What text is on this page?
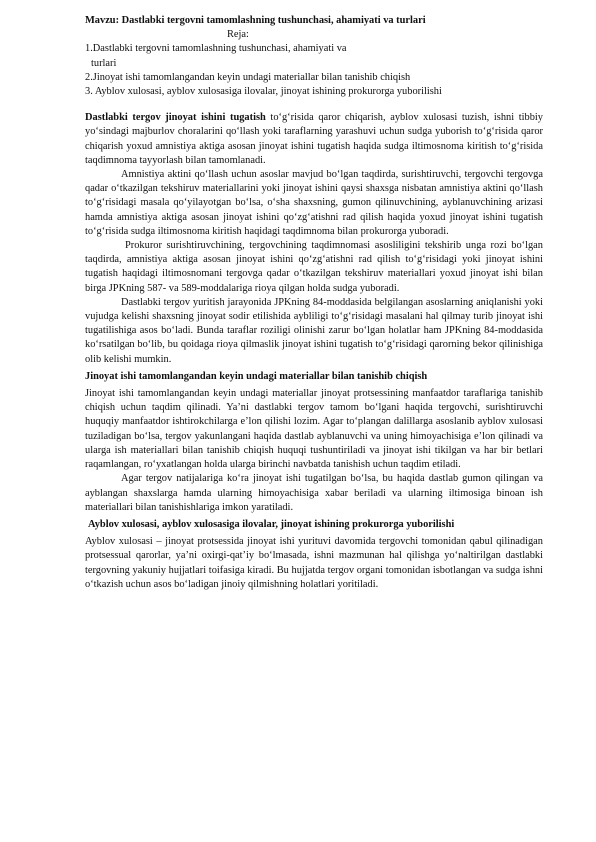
Mavzu: Dastlabki tergovni tamomlashning tushunchasi, ahamiyati va turlari

Reja:

1.Dastlabki tergovni tamomlashning tushunchasi, ahamiyati va

turlari

2.Jinoyat ishi tamomlangandan keyin undagi materiallar bilan tanishib chiqish

3. Ayblov xulosasi, ayblov xulosasiga ilovalar, jinoyat ishining prokurorga yuborilishi

Dastlabki tergov jinoyat ishini tugatish to‘g‘risida qaror chiqarish, ayblov xulosasi tuzish, ishni tibbiy yo‘sindagi majburlov choralarini qo‘llash yoki taraflarning yarashuvi uchun sudga yuborish to‘g‘risida qaror chiqarish yoxud amnistiya aktiga asosan jinoyat ishini tugatish haqida sudga iltimosnoma kiritish to‘g‘risida taqdimnoma tayyorlash bilan tamomlanadi.

Amnistiya aktini qo‘llash uchun asoslar mavjud bo‘lgan taqdirda, surishtiruvchi, tergovchi tergovga qadar o‘tkazilgan tekshiruv materiallarini yoki jinoyat ishini qaysi shaxsga nisbatan amnistiya aktini qo‘llash to‘g‘risidagi masala qo‘yilayotgan bo‘lsa, o‘sha shaxsning, gumon qilinuvchining, ayblanuvchining arizasi hamda amnistiya aktiga asosan jinoyat ishini qo‘zg‘atishni rad qilish haqida yoxud jinoyat ishini tugatish to‘g‘risida sudga iltimosnoma kiritish haqidagi taqdimnoma bilan prokurorga yuboradi.

Prokuror surishtiruvchining, tergovchining taqdimnomasi asosliligini tekshirib unga rozi bo‘lgan taqdirda, amnistiya aktiga asosan jinoyat ishini qo‘zg‘atishni rad qilish to‘g‘risidagi yoki jinoyat ishini tugatish haqidagi iltimosnomani tergovga qadar o‘tkazilgan tekshiruv materiallari yoxud jinoyat ishi bilan birga JPKning 587- va 589-moddalariga rioya qilgan holda sudga yuboradi.

Dastlabki tergov yuritish jarayonida JPKning 84-moddasida belgilangan asoslarning aniqlanishi yoki vujudga kelishi shaxsning jinoyat sodir etilishida aybliligi to‘g‘risidagi masalani hal qilmay turib jinoyat ishi tugatilishiga asos bo‘ladi. Bunda taraflar roziligi olinishi zarur bo‘lgan holatlar ham JPKning 84-moddasida ko‘rsatilgan bo‘lib, bu qoidaga rioya qilmaslik jinoyat ishini tugatish to‘g‘risidagi qarorning bekor qilinishiga olib kelishi mumkin.

Jinoyat ishi tamomlangandan keyin undagi materiallar bilan tanishib chiqish

Jinoyat ishi tamomlangandan keyin undagi materiallar jinoyat protsessining manfaatdor taraflariga tanishib chiqish uchun taqdim qilinadi. Ya’ni dastlabki tergov tamom bo‘lgani haqida tergovchi, surishtiruvchi huquqiy manfaatdor ishtirokchilarga e’lon qilishi lozim. Agar to‘plangan dalillarga asoslanib ayblov xulosasi tuziladigan bo‘lsa, tergov yakunlangani haqida dastlab ayblanuvchi va uning himoyachisiga e’lon qilinadi va ularga ish materiallari bilan tanishib chiqish huquqi tushuntiriladi va jinoyat ishi tikilgan va har bir betlari raqamlangan, ro‘yxatlangan holda ularga birinchi navbatda tanishish uchun taqdim etiladi.

Agar tergov natijalariga ko‘ra jinoyat ishi tugatilgan bo‘lsa, bu haqida dastlab gumon qilingan va ayblangan shaxslarga hamda ularning himoyachisiga xabar beriladi va ularning iltimosiga binoan ish materiallari bilan tanishishlariga imkon yaratiladi.

Ayblov xulosasi, ayblov xulosasiga ilovalar, jinoyat ishining prokurorga yuborilishi

Ayblov xulosasi – jinoyat protsessida jinoyat ishi yurituvi davomida tergovchi tomonidan qabul qilinadigan protsessual qarorlar, ya’ni oxirgi-qat’iy bo‘lmasada, ishni mazmunan hal qilishga yo‘naltirilgan dastlabki tergovning yakuniy hujjatlari toifasiga kiradi. Bu hujjatda tergov organi tomonidan isbotlangan va sudga ishni o‘tkazish uchun asos bo‘ladigan jinoiy qilmishning holatlari yoritiladi.
